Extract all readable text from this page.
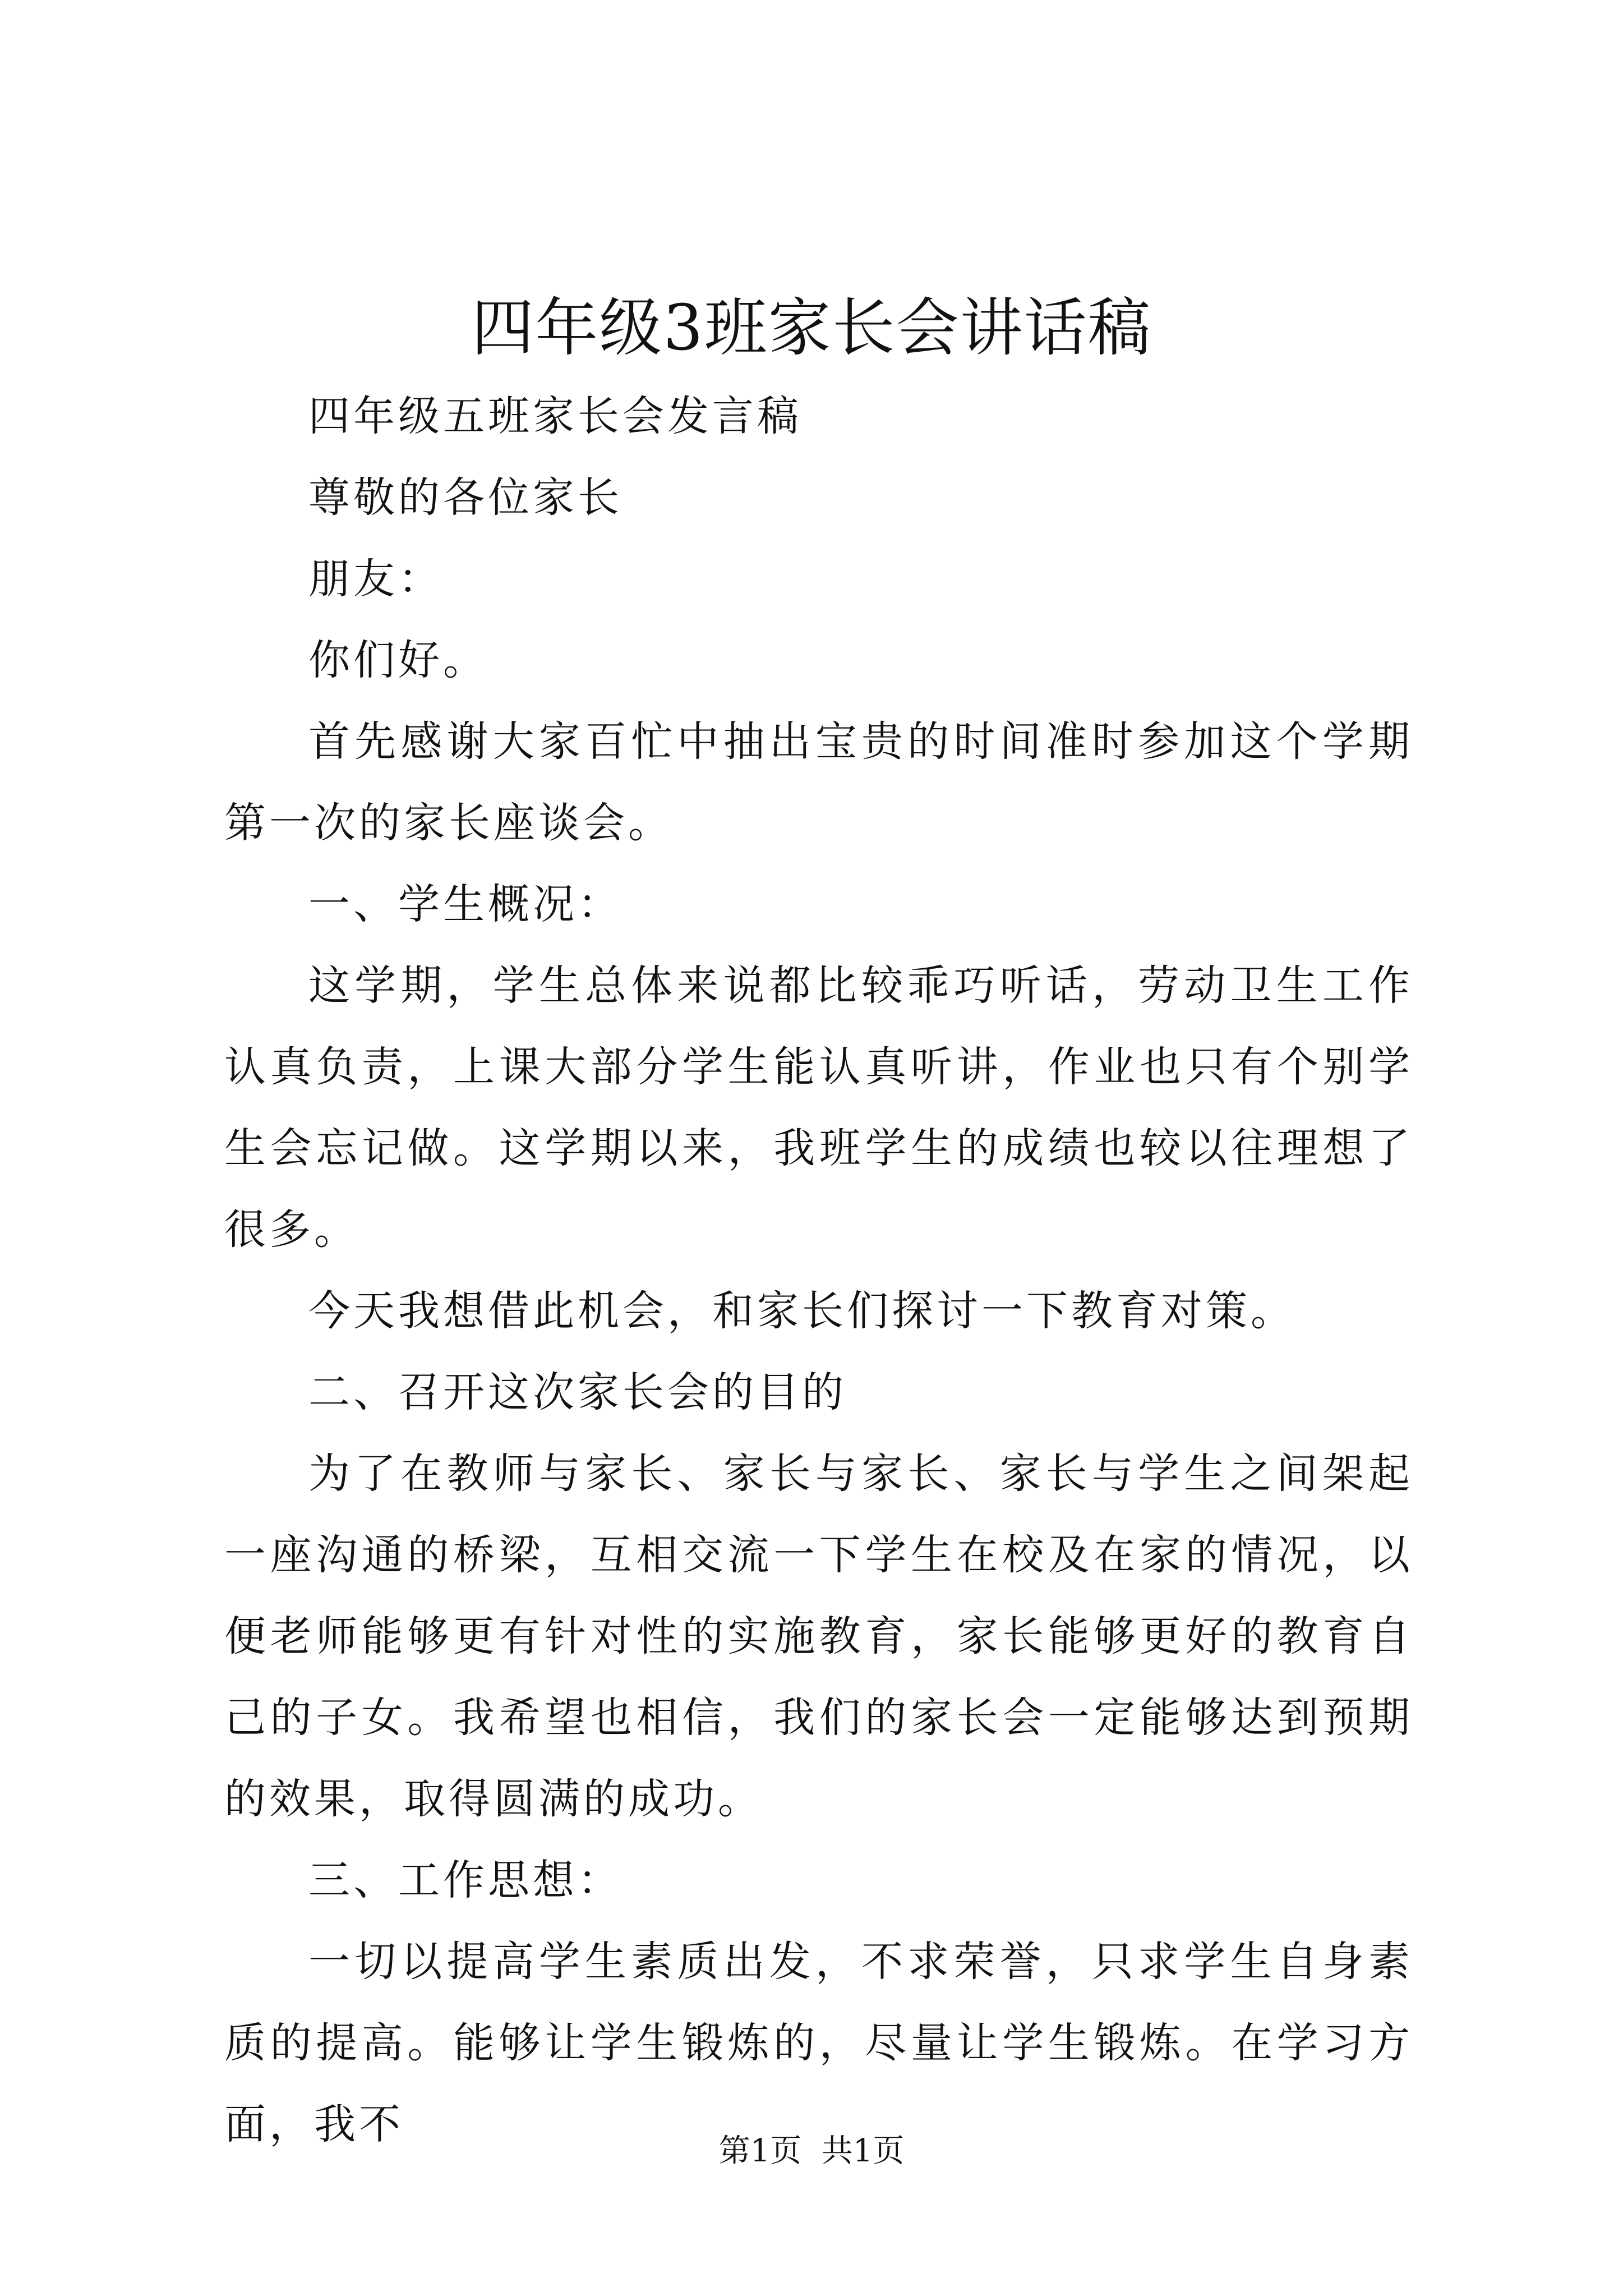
四年级3班家长会讲话稿

四年级五班家长会发言稿

尊敬的各位家长

朋友：

你们好。

首先感谢大家百忙中抽出宝贵的时间准时参加这个学期第一次的家长座谈会。

一、学生概况：

这学期，学生总体来说都比较乖巧听话，劳动卫生工作认真负责，上课大部分学生能认真听讲，作业也只有个别学生会忘记做。这学期以来，我班学生的成绩也较以往理想了很多。

今天我想借此机会，和家长们探讨一下教育对策。

二、召开这次家长会的目的

为了在教师与家长、家长与家长、家长与学生之间架起一座沟通的桥梁，互相交流一下学生在校及在家的情况，以便老师能够更有针对性的实施教育，家长能够更好的教育自己的子女。我希望也相信，我们的家长会一定能够达到预期的效果，取得圆满的成功。

三、工作思想：

一切以提高学生素质出发，不求荣誉，只求学生自身素质的提高。能够让学生锻炼的，尽量让学生锻炼。在学习方面，我不

第1页  共1页
